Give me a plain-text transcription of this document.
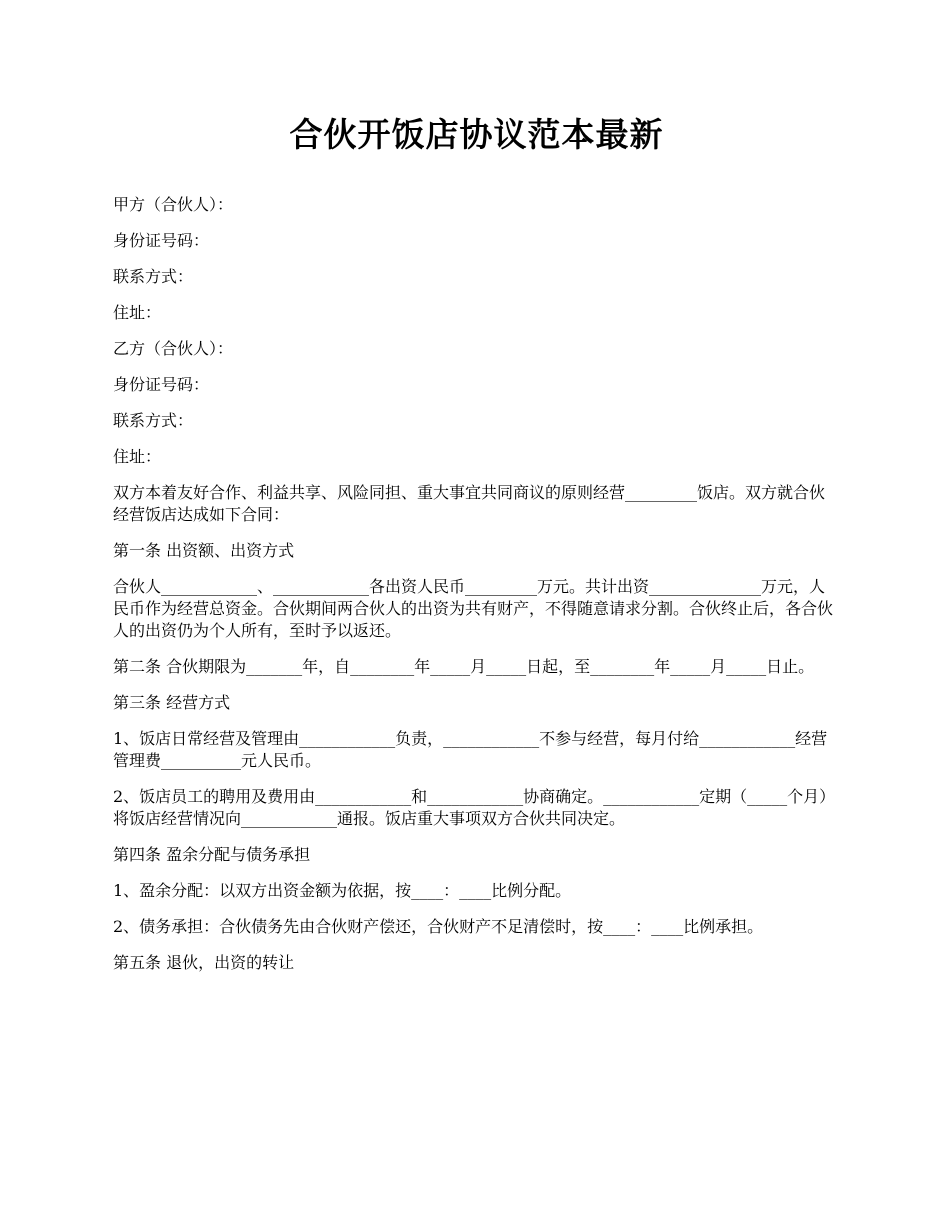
合伙开饭店协议范本最新

甲方（合伙人）：

身份证号码：

联系方式：

住址：

乙方（合伙人）：

身份证号码：

联系方式：

住址：

双方本着友好合作、利益共享、风险同担、重大事宜共同商议的原则经营_________饭店。双方就合伙经营饭店达成如下合同：

第一条 出资额、出资方式

合伙人____________、____________各出资人民币_________万元。共计出资______________万元，人民币作为经营总资金。合伙期间两合伙人的出资为共有财产，不得随意请求分割。合伙终止后，各合伙人的出资仍为个人所有，至时予以返还。

第二条 合伙期限为_______年，自________年_____月_____日起，至________年_____月_____日止。

第三条 经营方式

1、饭店日常经营及管理由____________负责，____________不参与经营，每月付给____________经营管理费__________元人民币。

2、饭店员工的聘用及费用由____________和____________协商确定。____________定期（_____个月）将饭店经营情况向____________通报。饭店重大事项双方合伙共同决定。

第四条 盈余分配与债务承担

1、盈余分配：以双方出资金额为依据，按____：____比例分配。

2、债务承担：合伙债务先由合伙财产偿还，合伙财产不足清偿时，按____：____比例承担。

第五条 退伙，出资的转让
